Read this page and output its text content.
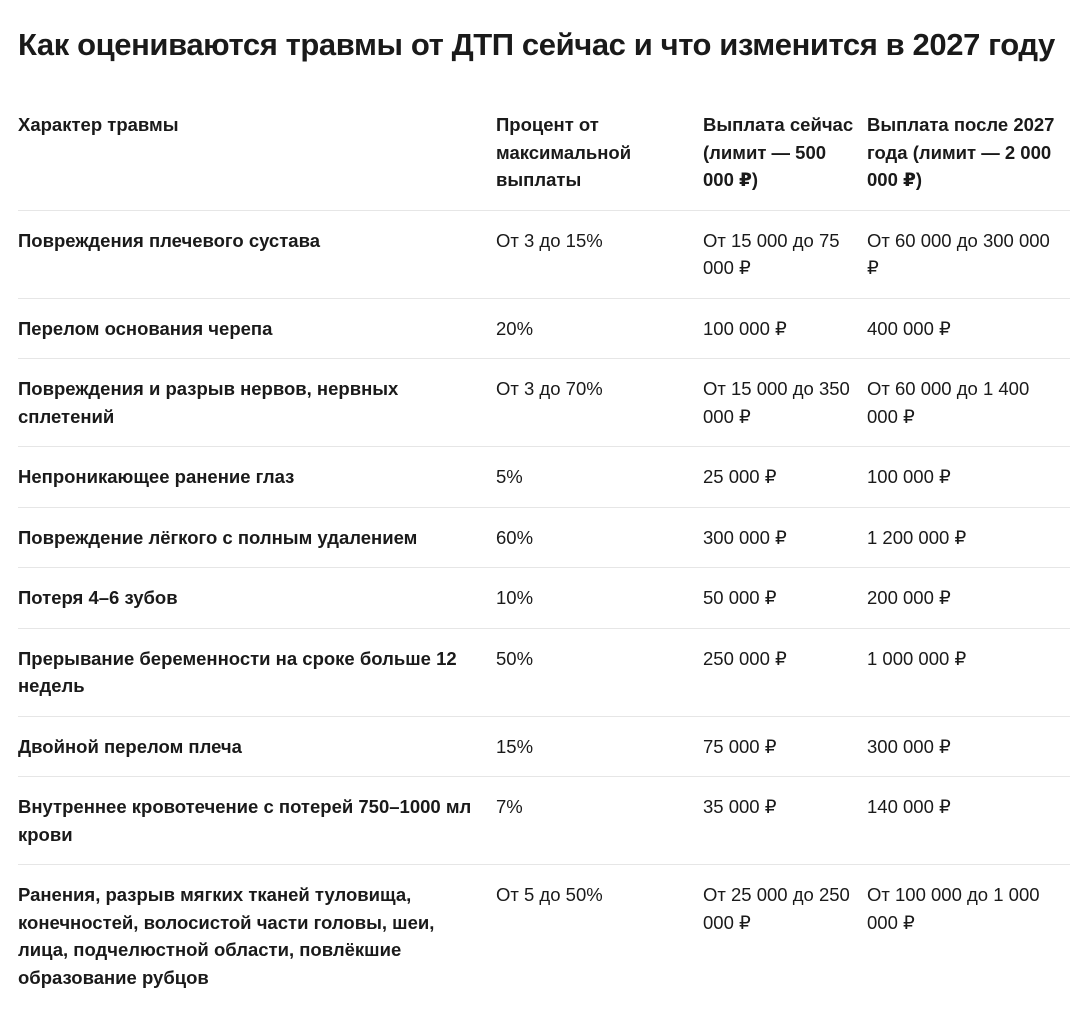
Как оцениваются травмы от ДТП сейчас и что изменится в 2027 году
Характер травмы	Процент от максимальной выплаты	Выплата сейчас (лимит — 500 000 ₽)	Выплата после 2027 года (лимит — 2 000 000 ₽)
Повреждения плечевого сустава	От 3 до 15%	От 15 000 до 75 000 ₽	От 60 000 до 300 000 ₽
Перелом основания черепа	20%	100 000 ₽	400 000 ₽
Повреждения и разрыв нервов, нервных сплетений	От 3 до 70%	От 15 000 до 350 000 ₽	От 60 000 до 1 400 000 ₽
Непроникающее ранение глаз	5%	25 000 ₽	100 000 ₽
Повреждение лёгкого с полным удалением	60%	300 000 ₽	1 200 000 ₽
Потеря 4–6 зубов	10%	50 000 ₽	200 000 ₽
Прерывание беременности на сроке больше 12 недель	50%	250 000 ₽	1 000 000 ₽
Двойной перелом плеча	15%	75 000 ₽	300 000 ₽
Внутреннее кровотечение с потерей 750–1000 мл крови	7%	35 000 ₽	140 000 ₽
Ранения, разрыв мягких тканей туловища, конечностей, волосистой части головы, шеи, лица, подчелюстной области, повлёкшие образование рубцов	От 5 до 50%	От 25 000 до 250 000 ₽	От 100 000 до 1 000 000 ₽
